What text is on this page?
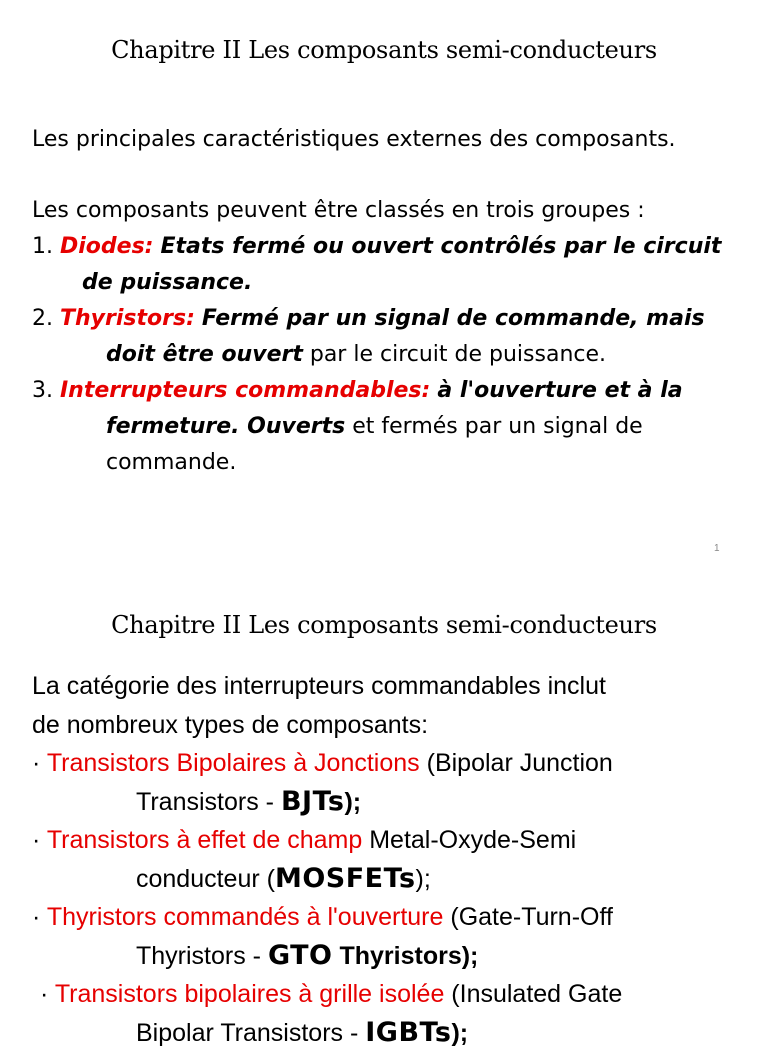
Chapitre II Les composants semi-conducteurs
Les principales caractéristiques externes des composants.
Les composants peuvent être classés en trois groupes :
1. Diodes: Etats fermé ou ouvert contrôlés par le circuit
de puissance.
2. Thyristors: Fermé par un signal de commande, mais
doit être ouvert par le circuit de puissance.
3. Interrupteurs commandables: à l'ouverture et à la
fermeture. Ouverts et fermés par un signal de
commande.
1
Chapitre II Les composants semi-conducteurs
La catégorie des interrupteurs commandables inclut
de nombreux types de composants:
· Transistors Bipolaires à Jonctions (Bipolar Junction
Transistors - BJTs);
· Transistors à effet de champ Metal-Oxyde-Semi
conducteur (MOSFETs);
· Thyristors commandés à l'ouverture (Gate-Turn-Off
Thyristors - GTO Thyristors);
· Transistors bipolaires à grille isolée (Insulated Gate
Bipolar Transistors - IGBTs);
